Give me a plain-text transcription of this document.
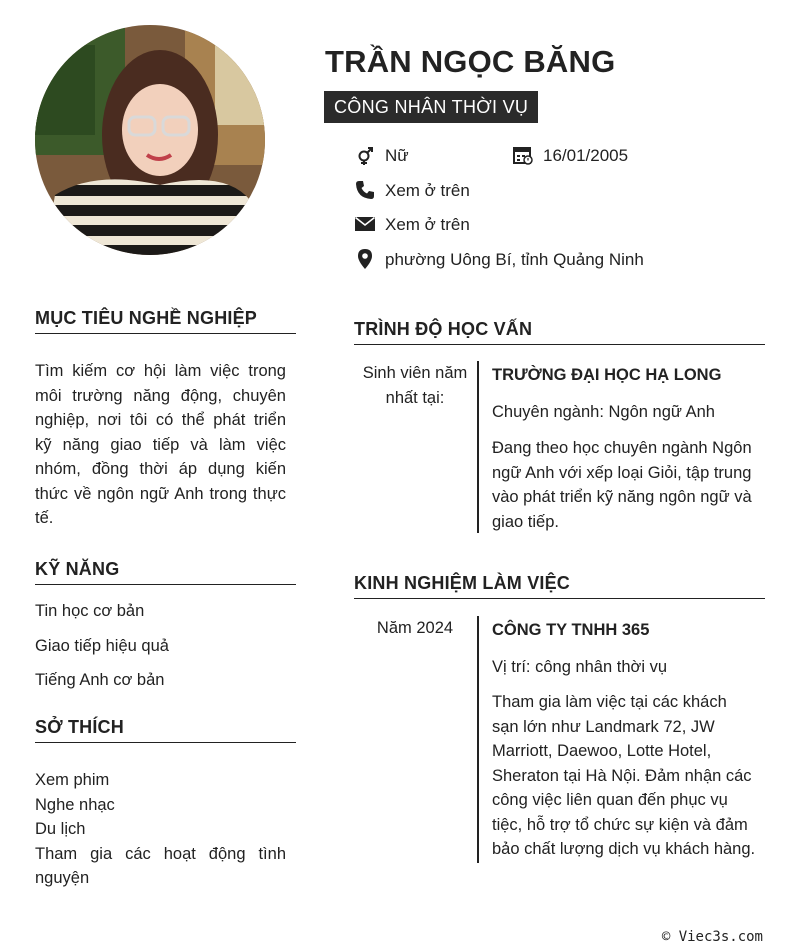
TRẦN NGỌC BĂNG
CÔNG NHÂN THỜI VỤ
Nữ	16/01/2005
Xem ở trên
Xem ở trên
phường Uông Bí, tỉnh Quảng Ninh
MỤC TIÊU NGHỀ NGHIỆP
Tìm kiếm cơ hội làm việc trong
môi trường năng động, chuyên
nghiệp, nơi tôi có thể phát triển
kỹ năng giao tiếp và làm việc
nhóm, đồng thời áp dụng kiến
thức về ngôn ngữ Anh trong thực
tế.
KỸ NĂNG
Tin học cơ bản
Giao tiếp hiệu quả
Tiếng Anh cơ bản
SỞ THÍCH
Xem phim
Nghe nhạc
Du lịch
Tham gia các hoạt động tình
nguyện
TRÌNH ĐỘ HỌC VẤN
Sinh viên năm
nhất tại:
TRƯỜNG ĐẠI HỌC HẠ LONG
Chuyên ngành: Ngôn ngữ Anh
Đang theo học chuyên ngành Ngôn
ngữ Anh với xếp loại Giỏi, tập trung
vào phát triển kỹ năng ngôn ngữ và
giao tiếp.
KINH NGHIỆM LÀM VIỆC
Năm 2024	CÔNG TY TNHH 365
Vị trí: công nhân thời vụ
Tham gia làm việc tại các khách
sạn lớn như Landmark 72, JW
Marriott, Daewoo, Lotte Hotel,
Sheraton tại Hà Nội. Đảm nhận các
công việc liên quan đến phục vụ
tiệc, hỗ trợ tổ chức sự kiện và đảm
bảo chất lượng dịch vụ khách hàng.
© Viec3s.com
